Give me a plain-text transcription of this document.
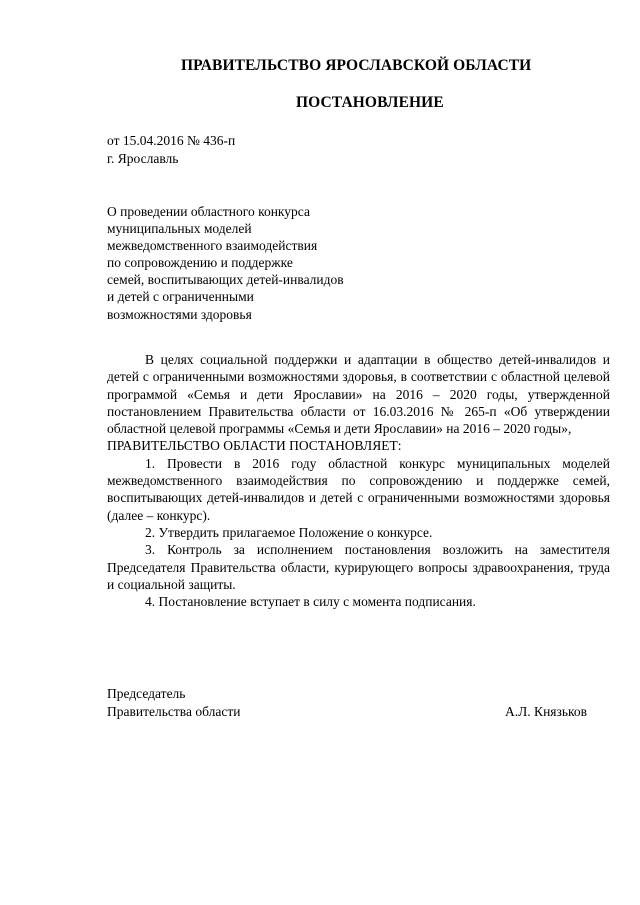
ПРАВИТЕЛЬСТВО ЯРОСЛАВСКОЙ ОБЛАСТИ
ПОСТАНОВЛЕНИЕ
от 15.04.2016 № 436-п
г. Ярославль
О проведении областного конкурса
муниципальных моделей
межведомственного взаимодействия
по сопровождению и поддержке
семей, воспитывающих детей-инвалидов
и детей с ограниченными
возможностями здоровья

В целях социальной поддержки и адаптации в общество детей-инвалидов и детей с ограниченными возможностями здоровья, в соответствии с областной целевой программой «Семья и дети Ярославии» на 2016 – 2020 годы, утвержденной постановлением Правительства области от 16.03.2016 № 265-п «Об утверждении областной целевой программы «Семья и дети Ярославии» на 2016 – 2020 годы»,

ПРАВИТЕЛЬСТВО ОБЛАСТИ ПОСТАНОВЛЯЕТ:

1. Провести в 2016 году областной конкурс муниципальных моделей межведомственного взаимодействия по сопровождению и поддержке семей, воспитывающих детей-инвалидов и детей с ограниченными возможностями здоровья (далее – конкурс).

2. Утвердить прилагаемое Положение о конкурсе.

3. Контроль за исполнением постановления возложить на заместителя Председателя Правительства области, курирующего вопросы здравоохранения, труда и социальной защиты.

4. Постановление вступает в силу с момента подписания.

Председатель
Правительства области	А.Л. Князьков
